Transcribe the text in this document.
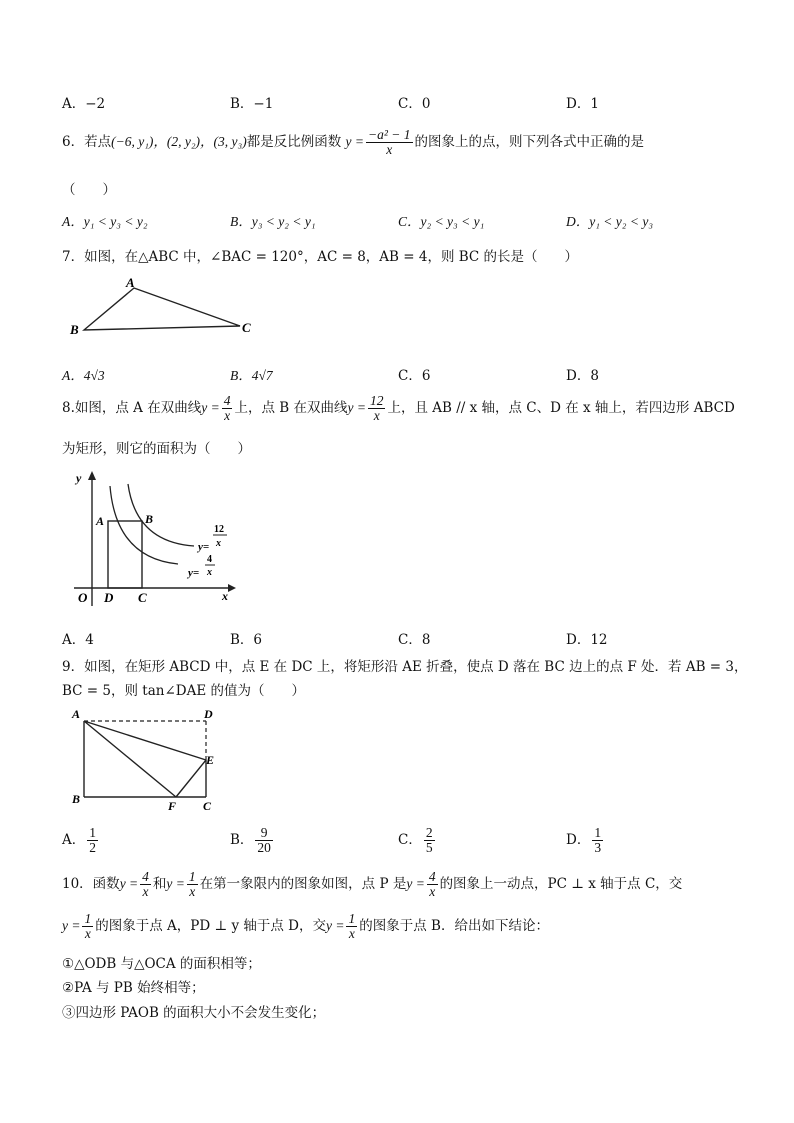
A．−2	B．−1	C．0	D．1
6．若点(−6, y₁)，(2, y₂)，(3, y₃)都是反比例函数 $y = \frac{\text{−a² − 1}}{x}$ 的图象上的点，则下列各式中正确的是
（　　）
A．y₁ < y₃ < y₂	B．y₃ < y₂ < y₁	C．y₂ < y₃ < y₁	D．y₁ < y₂ < y₃
7．如图，在△ABC 中，∠BAC = 120°，AC = 8，AB = 4，则 BC 的长是（　　）
A
B	C
A．4√3	B．4√7	C．6	D．8
8.如图，点 A 在双曲线$y = \frac{4}{x}$ 上，点 B 在双曲线$y = \frac{12}{x}$ 上，且 AB // x 轴，点 C、D 在 x 轴上，若四边形 ABCD
为矩形，则它的面积为（　　）
y
x
O D C
A	B
y=
12
x
y=
4
x
A．4	B．6	C．8	D．12
9．如图，在矩形 ABCD 中，点 E 在 DC 上，将矩形沿 AE 折叠，使点 D 落在 BC 边上的点 F 处．若 AB = 3，
BC = 5，则 tan∠DAE 的值为（　　）
A	D
E
B	F C
A． $\frac{1}{2}$	B． $\frac{9}{20}$	C． $\frac{2}{5}$	D． $\frac{1}{3}$
10．函数$y = \frac{4}{x}$ 和$y = \frac{1}{x}$ 在第一象限内的图象如图，点 P 是$y = \frac{4}{x}$ 的图象上一动点，PC ⊥ x 轴于点 C，交
$y = \frac{1}{x}$ 的图象于点 A，PD ⊥ y 轴于点 D，交$y = \frac{1}{x}$ 的图象于点 B．给出如下结论：
①△ODB 与△OCA 的面积相等；
②PA 与 PB 始终相等；
③四边形 PAOB 的面积大小不会发生变化；
